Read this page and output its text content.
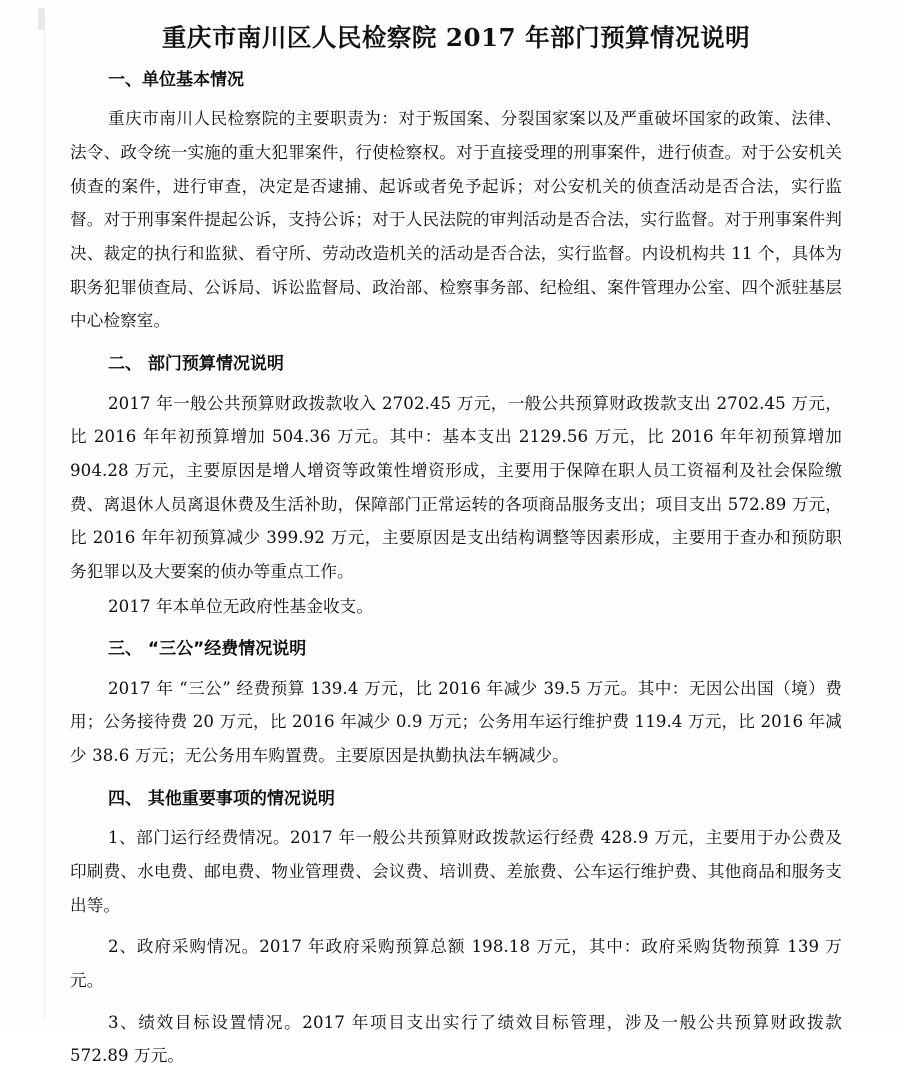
重庆市南川区人民检察院 2017 年部门预算情况说明
一、单位基本情况

重庆市南川人民检察院的主要职责为：对于叛国案、分裂国家案以及严重破坏国家的政策、法律、法令、政令统一实施的重大犯罪案件，行使检察权。对于直接受理的刑事案件，进行侦查。对于公安机关侦查的案件，进行审查，决定是否逮捕、起诉或者免予起诉；对公安机关的侦查活动是否合法，实行监督。对于刑事案件提起公诉，支持公诉；对于人民法院的审判活动是否合法，实行监督。对于刑事案件判决、裁定的执行和监狱、看守所、劳动改造机关的活动是否合法，实行监督。内设机构共 11 个，具体为职务犯罪侦查局、公诉局、诉讼监督局、政治部、检察事务部、纪检组、案件管理办公室、四个派驻基层中心检察室。

二、 部门预算情况说明

2017 年一般公共预算财政拨款收入 2702.45 万元，一般公共预算财政拨款支出 2702.45 万元，比 2016 年年初预算增加 504.36 万元。其中：基本支出 2129.56 万元，比 2016 年年初预算增加 904.28 万元，主要原因是增人增资等政策性增资形成，主要用于保障在职人员工资福利及社会保险缴费、离退休人员离退休费及生活补助，保障部门正常运转的各项商品服务支出；项目支出 572.89 万元，比 2016 年年初预算减少 399.92 万元，主要原因是支出结构调整等因素形成，主要用于查办和预防职务犯罪以及大要案的侦办等重点工作。

2017 年本单位无政府性基金收支。

三、 “三公”经费情况说明

2017 年 “三公” 经费预算 139.4 万元，比 2016 年减少 39.5 万元。其中：无因公出国（境）费用；公务接待费 20 万元，比 2016 年减少 0.9 万元；公务用车运行维护费 119.4 万元，比 2016 年减少 38.6 万元；无公务用车购置费。主要原因是执勤执法车辆减少。

四、 其他重要事项的情况说明

1、部门运行经费情况。2017 年一般公共预算财政拨款运行经费 428.9 万元，主要用于办公费及印刷费、水电费、邮电费、物业管理费、会议费、培训费、差旅费、公车运行维护费、其他商品和服务支出等。

2、政府采购情况。2017 年政府采购预算总额 198.18 万元，其中：政府采购货物预算 139 万元。

3、绩效目标设置情况。2017 年项目支出实行了绩效目标管理，涉及一般公共预算财政拨款 572.89 万元。
